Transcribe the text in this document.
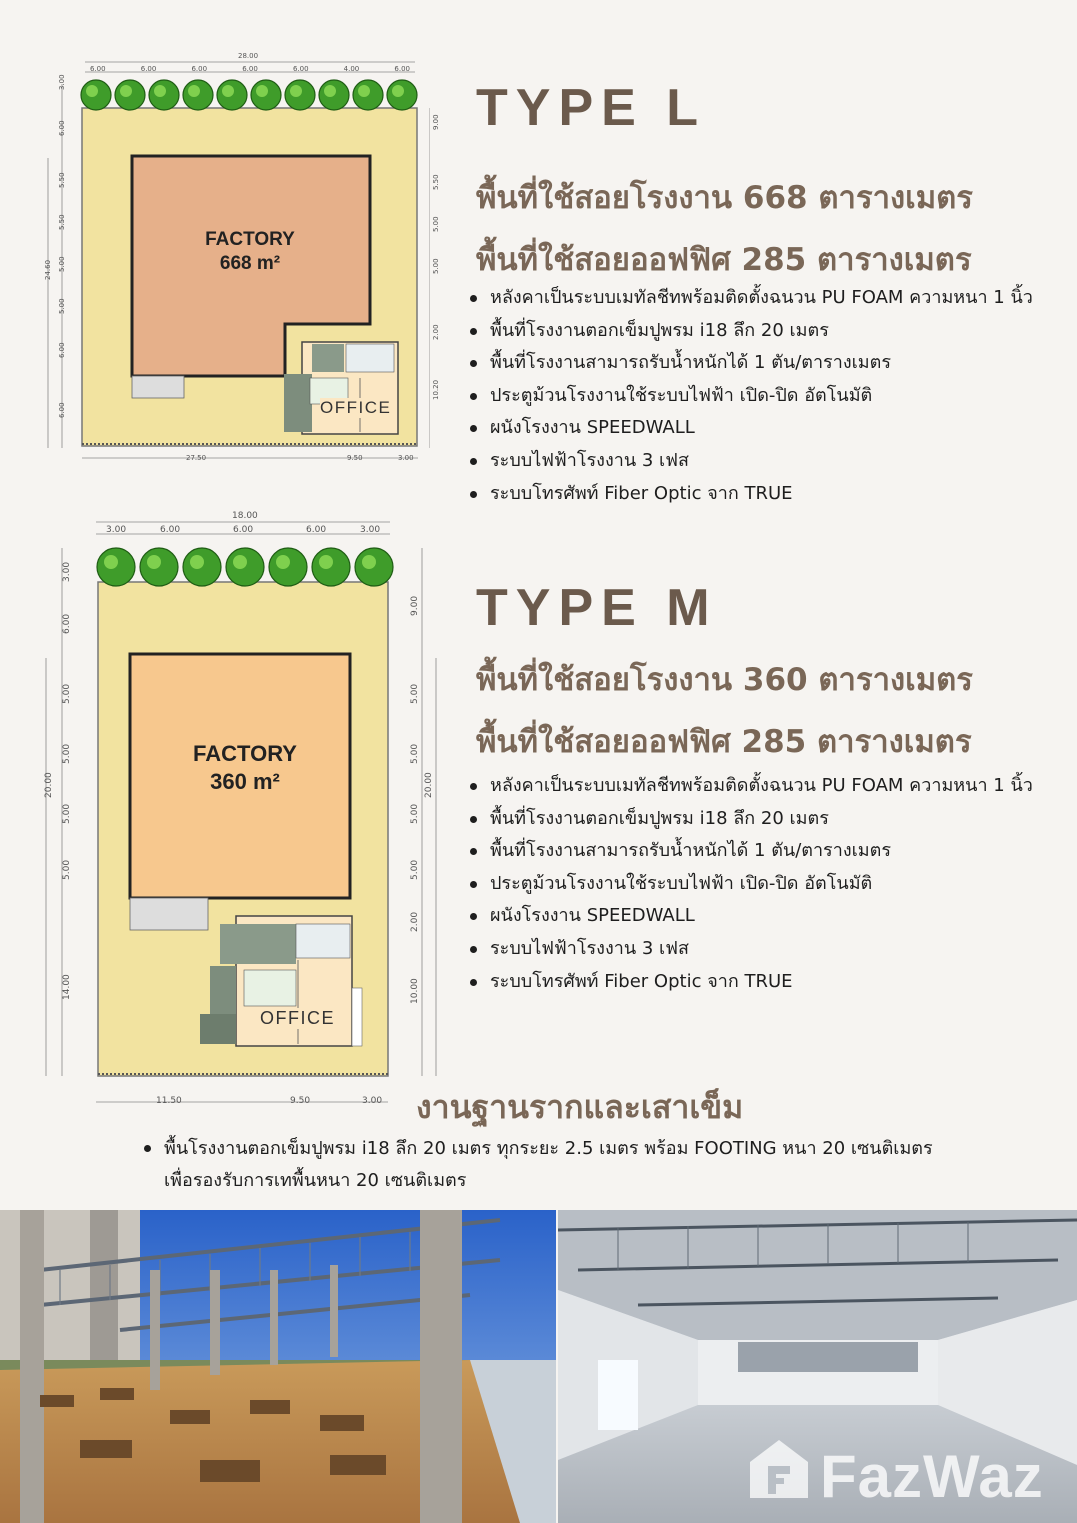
28.00
6.00	6.00	6.00	6.00	6.00	4.00	6.00
27.50	9.50	3.00
3.00
6.00
5.50
5.50
5.00
5.00
6.00
6.00
24.60
9.00
5.50
5.00
5.00
2.00
10.20
FACTORY
668 m²
OFFICE
TYPE L
พื้นที่ใช้สอยโรงงาน 668 ตารางเมตร
พื้นที่ใช้สอยออฟฟิศ 285 ตารางเมตร
หลังคาเป็นระบบเมทัลชีทพร้อมติดตั้งฉนวน PU FOAM ความหนา 1 นิ้ว
พื้นที่โรงงานตอกเข็มปูพรม i18 ลึก 20 เมตร
พื้นที่โรงงานสามารถรับน้ำหนักได้ 1 ตัน/ตารางเมตร
ประตูม้วนโรงงานใช้ระบบไฟฟ้า เปิด-ปิด อัตโนมัติ
ผนังโรงงาน SPEEDWALL
ระบบไฟฟ้าโรงงาน 3 เฟส
ระบบโทรศัพท์ Fiber Optic จาก TRUE
18.00
3.00	6.00	6.00	6.00	3.00
11.50	9.50	3.00
3.00
6.00
5.00
5.00
5.00
5.00
14.00
20.00
9.00
5.00
5.00
5.00
5.00
2.00
10.00
20.00
FACTORY
360 m²
OFFICE
TYPE M
พื้นที่ใช้สอยโรงงาน 360 ตารางเมตร
พื้นที่ใช้สอยออฟฟิศ 285 ตารางเมตร
หลังคาเป็นระบบเมทัลชีทพร้อมติดตั้งฉนวน PU FOAM ความหนา 1 นิ้ว
พื้นที่โรงงานตอกเข็มปูพรม i18 ลึก 20 เมตร
พื้นที่โรงงานสามารถรับน้ำหนักได้ 1 ตัน/ตารางเมตร
ประตูม้วนโรงงานใช้ระบบไฟฟ้า เปิด-ปิด อัตโนมัติ
ผนังโรงงาน SPEEDWALL
ระบบไฟฟ้าโรงงาน 3 เฟส
ระบบโทรศัพท์ Fiber Optic จาก TRUE
งานฐานรากและเสาเข็ม
พื้นโรงงานตอกเข็มปูพรม i18 ลึก 20 เมตร ทุกระยะ 2.5 เมตร พร้อม FOOTING หนา 20 เซนติเมตร
เพื่อรองรับการเทพื้นหนา 20 เซนติเมตร
FazWaz
